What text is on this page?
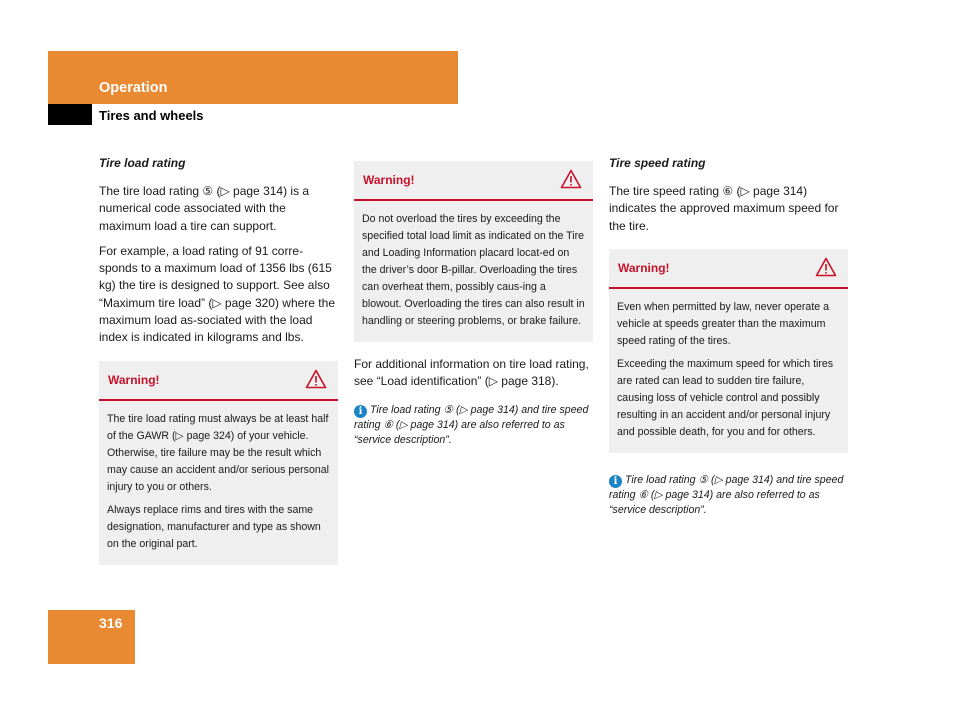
Operation
Tires and wheels

Tire load rating

The tire load rating ⑤ (▷ page 314) is a numerical code associated with the maximum load a tire can support.

For example, a load rating of 91 corre-sponds to a maximum load of 1356 lbs (615 kg) the tire is designed to support. See also “Maximum tire load” (▷ page 320) where the maximum load as-sociated with the load index is indicated in kilograms and lbs.

Warning!

The tire load rating must always be at least half of the GAWR (▷ page 324) of your vehicle. Otherwise, tire failure may be the result which may cause an accident and/or serious personal injury to you or others.

Always replace rims and tires with the same designation, manufacturer and type as shown on the original part.

Warning!

Do not overload the tires by exceeding the specified total load limit as indicated on the Tire and Loading Information placard locat-ed on the driver’s door B-pillar. Overloading the tires can overheat them, possibly caus-ing a blowout. Overloading the tires can also result in handling or steering problems, or brake failure.

For additional information on tire load rating, see “Load identification” (▷ page 318).

i Tire load rating ⑤ (▷ page 314) and tire speed rating ⑥ (▷ page 314) are also referred to as “service description”.

Tire speed rating

The tire speed rating ⑥ (▷ page 314) indicates the approved maximum speed for the tire.

Warning!

Even when permitted by law, never operate a vehicle at speeds greater than the maximum speed rating of the tires.

Exceeding the maximum speed for which tires are rated can lead to sudden tire failure, causing loss of vehicle control and possibly resulting in an accident and/or personal injury and possible death, for you and for others.

i Tire load rating ⑤ (▷ page 314) and tire speed rating ⑥ (▷ page 314) are also referred to as “service description”.

316
